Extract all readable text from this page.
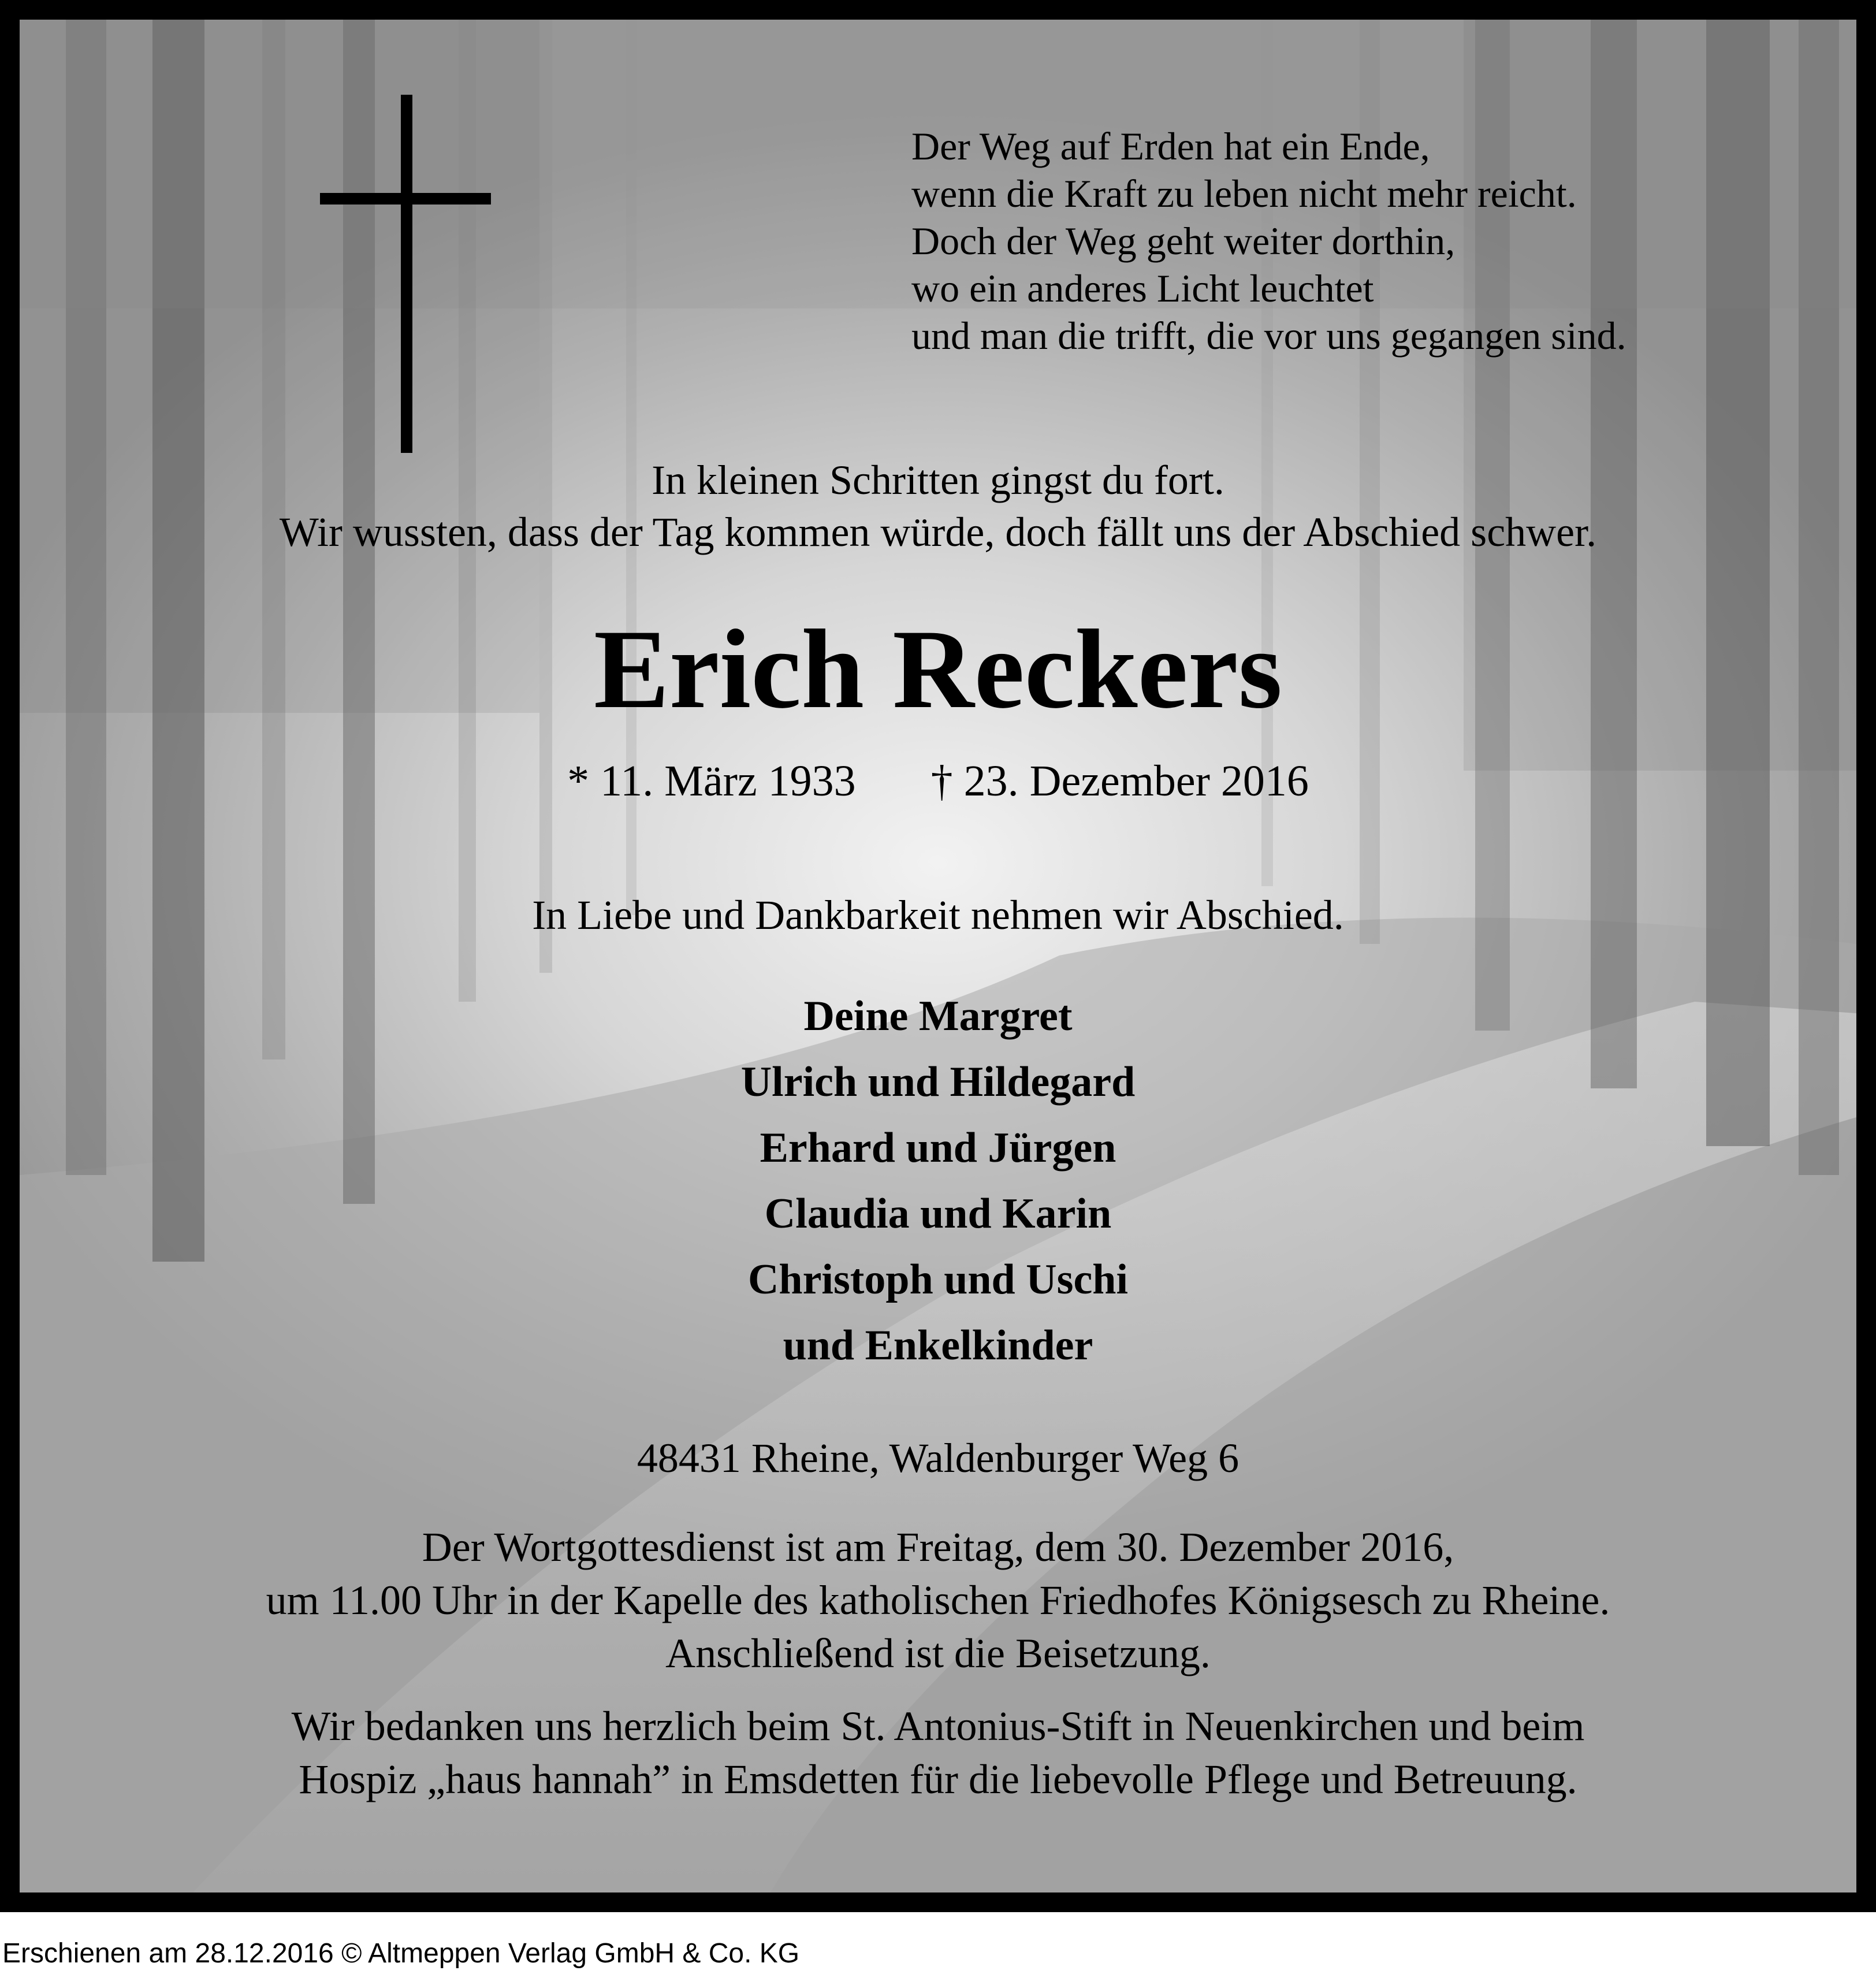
Der Weg auf Erden hat ein Ende,
wenn die Kraft zu leben nicht mehr reicht.
Doch der Weg geht weiter dorthin,
wo ein anderes Licht leuchtet
und man die trifft, die vor uns gegangen sind.
In kleinen Schritten gingst du fort.
Wir wussten, dass der Tag kommen würde, doch fällt uns der Abschied schwer.
Erich Reckers
* 11. März 1933 † 23. Dezember 2016
In Liebe und Dankbarkeit nehmen wir Abschied.
Deine Margret
Ulrich und Hildegard
Erhard und Jürgen
Claudia und Karin
Christoph und Uschi
und Enkelkinder
48431 Rheine, Waldenburger Weg 6
Der Wortgottesdienst ist am Freitag, dem 30. Dezember 2016,
um 11.00 Uhr in der Kapelle des katholischen Friedhofes Königsesch zu Rheine.
Anschließend ist die Beisetzung.
Wir bedanken uns herzlich beim St. Antonius-Stift in Neuenkirchen und beim
Hospiz „haus hannah” in Emsdetten für die liebevolle Pflege und Betreuung.
Erschienen am 28.12.2016 © Altmeppen Verlag GmbH & Co. KG
